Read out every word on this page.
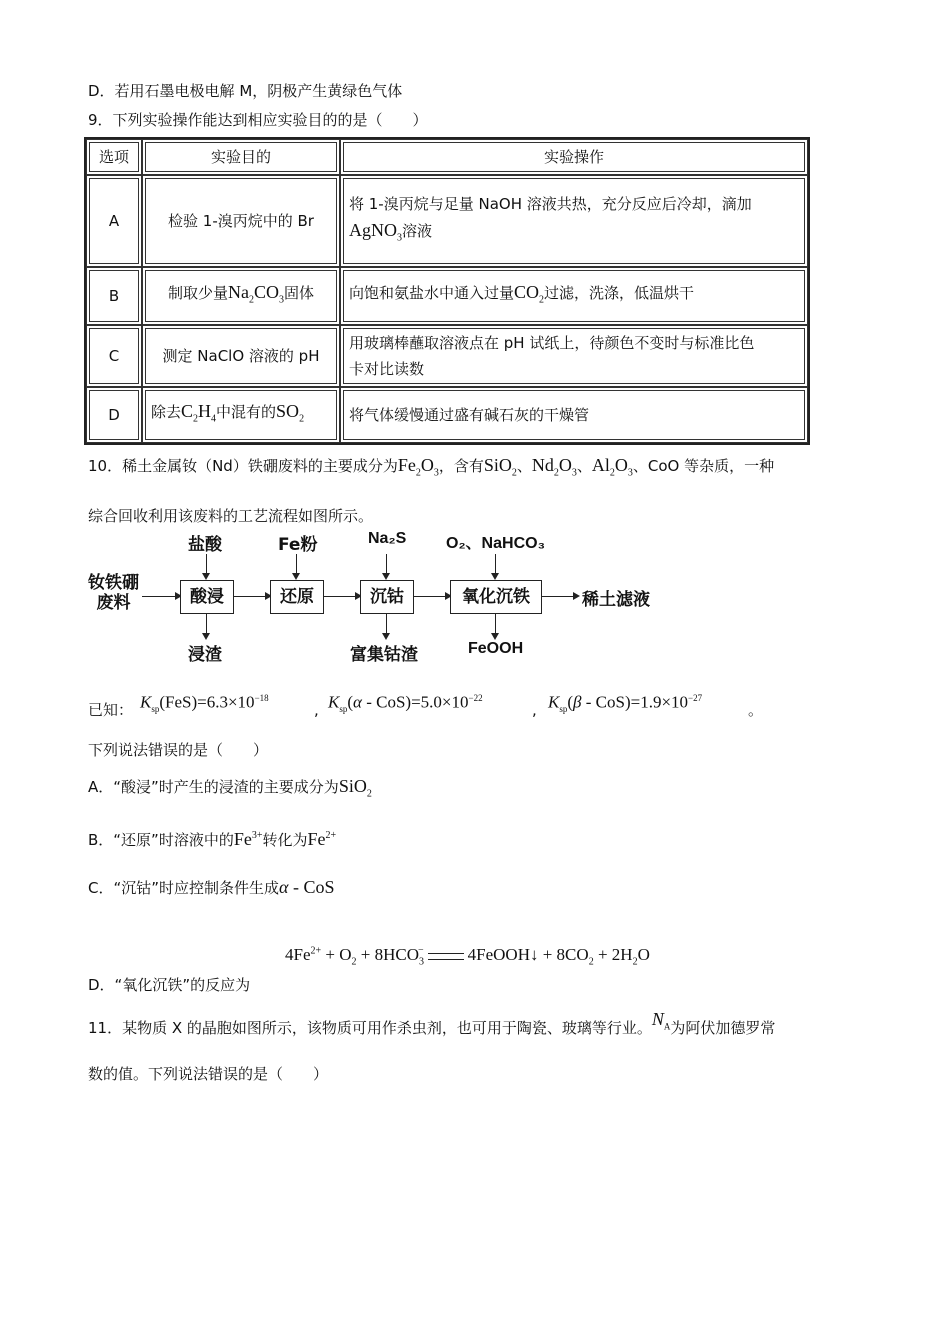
D．若用石墨电极电解 M，阴极产生黄绿色气体
9．下列实验操作能达到相应实验目的的是（　　）
选项	实验目的	实验操作
A	检验 1-溴丙烷中的 Br	将 1-溴丙烷与足量 NaOH 溶液共热，充分反应后冷却，滴加
AgNO$_3$溶液

B	制取少量$Na_2CO_3$固体	向饱和氨盐水中通入过量$CO_2$过滤，洗涤，低温烘干
C	测定 NaClO 溶液的 pH	用玻璃棒蘸取溶液点在 pH 试纸上，待颜色不变时与标准比色
卡对比读数

D	除去$C_2H_4$中混有的$SO_2$	将气体缓慢通过盛有碱石灰的干燥管
10．稀土金属钕（Nd）铁硼废料的主要成分为$Fe_2O_3$，含有SiO$_2$、$Nd_2O_3$、$Al_2O_3$、CoO 等杂质，一种
综合回收利用该废料的工艺流程如图所示。
钕铁硼
废料	酸浸	还原	沉钴	氧化沉铁	稀土滤液
盐酸	Fe粉	Na₂S O₂、NaHCO₃
浸渣	富集钴渣	FeOOH
已知： $K_{sp}(FeS)=6.3\times 10^{-18}$
, $K_{sp}(\alpha - CoS)=5.0\times 10^{-22}$
, $K_{sp}(\beta - CoS)=1.9\times 10^{-27}$
。
下列说法错误的是（　　）
A．“酸浸”时产生的浸渣的主要成分为SiO$_2$
B．“还原”时溶液中的$Fe^{3+}$转化为$Fe^{2+}$
C．“沉钴”时应控制条件生成α - CoS
$4Fe^{2+} + O_2 + 8HCO_3^-$	4FeOOH↓ + $8CO_2 + 2H_2O$
D．“氧化沉铁”的反应为
11．某物质 X 的晶胞如图所示，该物质可用作杀虫剂，也可用于陶瓷、玻璃等行业。$N_A$为阿伏加德罗常
数的值。下列说法错误的是（　　）
